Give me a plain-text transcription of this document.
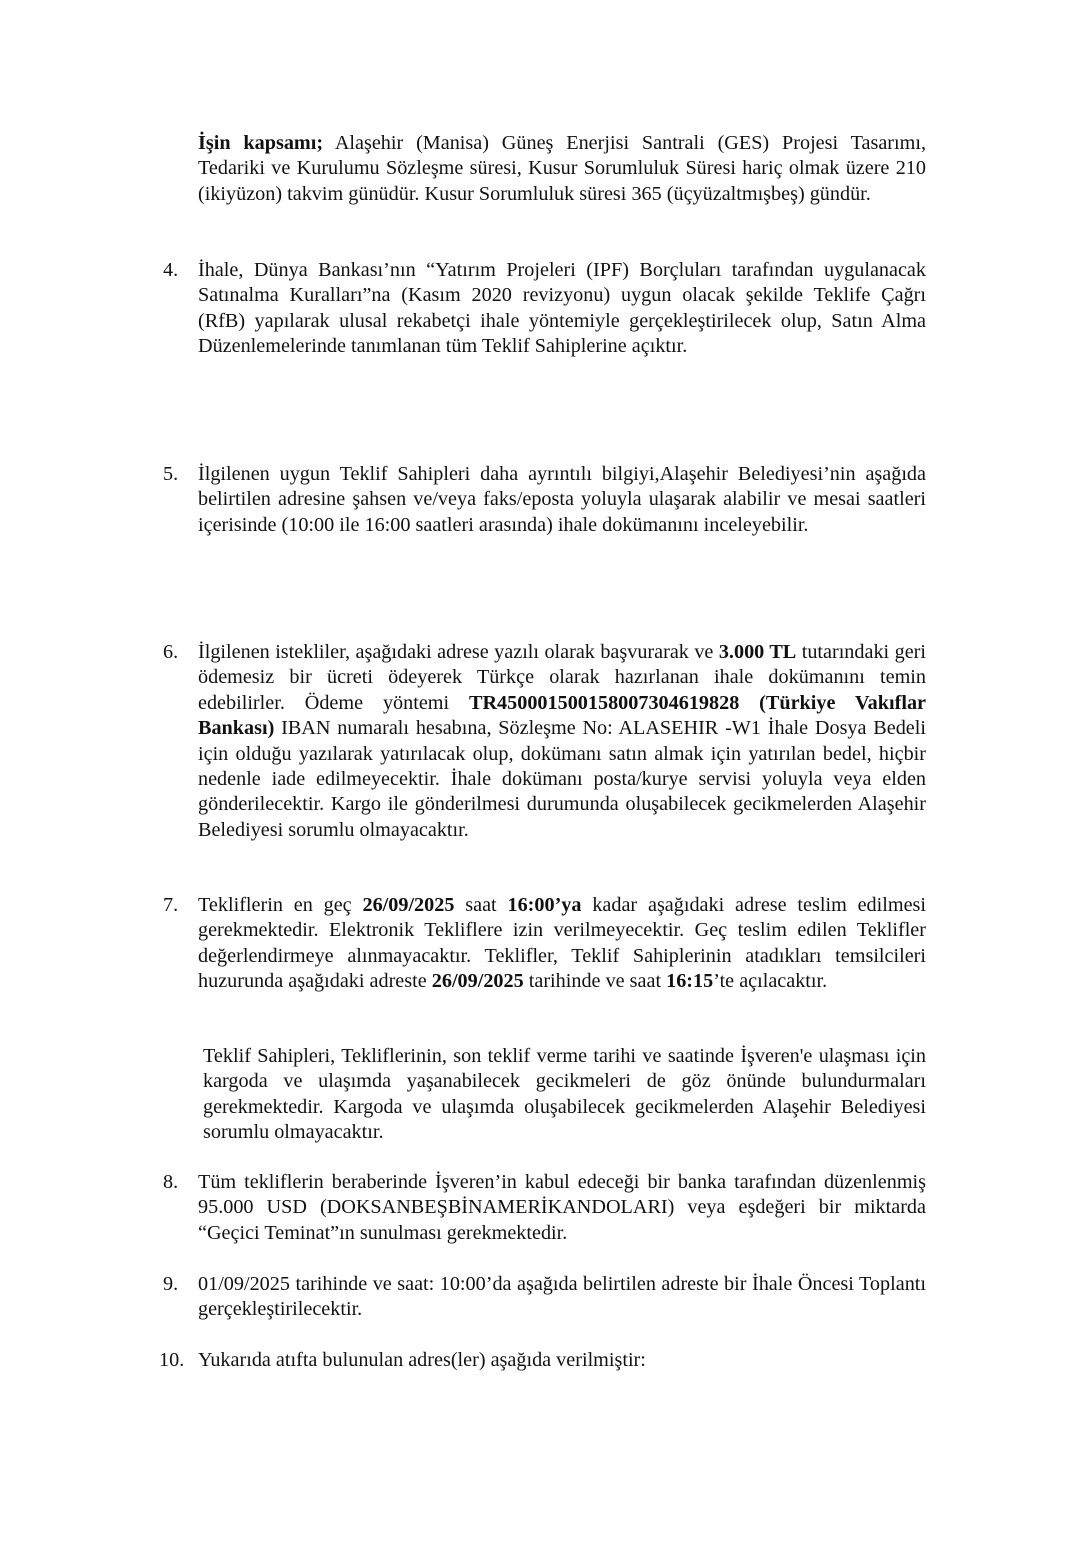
İşin kapsamı; Alaşehir (Manisa) Güneş Enerjisi Santrali (GES) Projesi Tasarımı, Tedariki ve Kurulumu Sözleşme süresi, Kusur Sorumluluk Süresi hariç olmak üzere 210 (ikiyüzon) takvim günüdür. Kusur Sorumluluk süresi 365 (üçyüzaltmışbeş) gündür.

4. İhale, Dünya Bankası’nın “Yatırım Projeleri (IPF) Borçluları tarafından uygulanacak Satınalma Kuralları”na (Kasım 2020 revizyonu) uygun olacak şekilde Teklife Çağrı (RfB) yapılarak ulusal rekabetçi ihale yöntemiyle gerçekleştirilecek olup, Satın Alma Düzenlemelerinde tanımlanan tüm Teklif Sahiplerine açıktır.

5. İlgilenen uygun Teklif Sahipleri daha ayrıntılı bilgiyi,Alaşehir Belediyesi’nin aşağıda belirtilen adresine şahsen ve/veya faks/eposta yoluyla ulaşarak alabilir ve mesai saatleri içerisinde (10:00 ile 16:00 saatleri arasında) ihale dokümanını inceleyebilir.

6. İlgilenen istekliler, aşağıdaki adrese yazılı olarak başvurarak ve 3.000 TL tutarındaki geri ödemesiz bir ücreti ödeyerek Türkçe olarak hazırlanan ihale dokümanını temin edebilirler. Ödeme yöntemi TR450001500158007304619828 (Türkiye Vakıflar Bankası) IBAN numaralı hesabına, Sözleşme No: ALASEHIR -W1 İhale Dosya Bedeli için olduğu yazılarak yatırılacak olup, dokümanı satın almak için yatırılan bedel, hiçbir nedenle iade edilmeyecektir. İhale dokümanı posta/kurye servisi yoluyla veya elden gönderilecektir. Kargo ile gönderilmesi durumunda oluşabilecek gecikmelerden Alaşehir Belediyesi sorumlu olmayacaktır.

7. Tekliflerin en geç 26/09/2025 saat 16:00’ya kadar aşağıdaki adrese teslim edilmesi gerekmektedir. Elektronik Tekliflere izin verilmeyecektir. Geç teslim edilen Teklifler değerlendirmeye alınmayacaktır. Teklifler, Teklif Sahiplerinin atadıkları temsilcileri huzurunda aşağıdaki adreste 26/09/2025 tarihinde ve saat 16:15’te açılacaktır.

Teklif Sahipleri, Tekliflerinin, son teklif verme tarihi ve saatinde İşveren'e ulaşması için kargoda ve ulaşımda yaşanabilecek gecikmeleri de göz önünde bulundurmaları gerekmektedir. Kargoda ve ulaşımda oluşabilecek gecikmelerden Alaşehir Belediyesi sorumlu olmayacaktır.

8. Tüm tekliflerin beraberinde İşveren’in kabul edeceği bir banka tarafından düzenlenmiş 95.000 USD (DOKSANBEŞBİNAMERİKANDOLARI) veya eşdeğeri bir miktarda “Geçici Teminat”ın sunulması gerekmektedir.

9. 01/09/2025 tarihinde ve saat: 10:00’da aşağıda belirtilen adreste bir İhale Öncesi Toplantı gerçekleştirilecektir.

10. Yukarıda atıfta bulunulan adres(ler) aşağıda verilmiştir:
